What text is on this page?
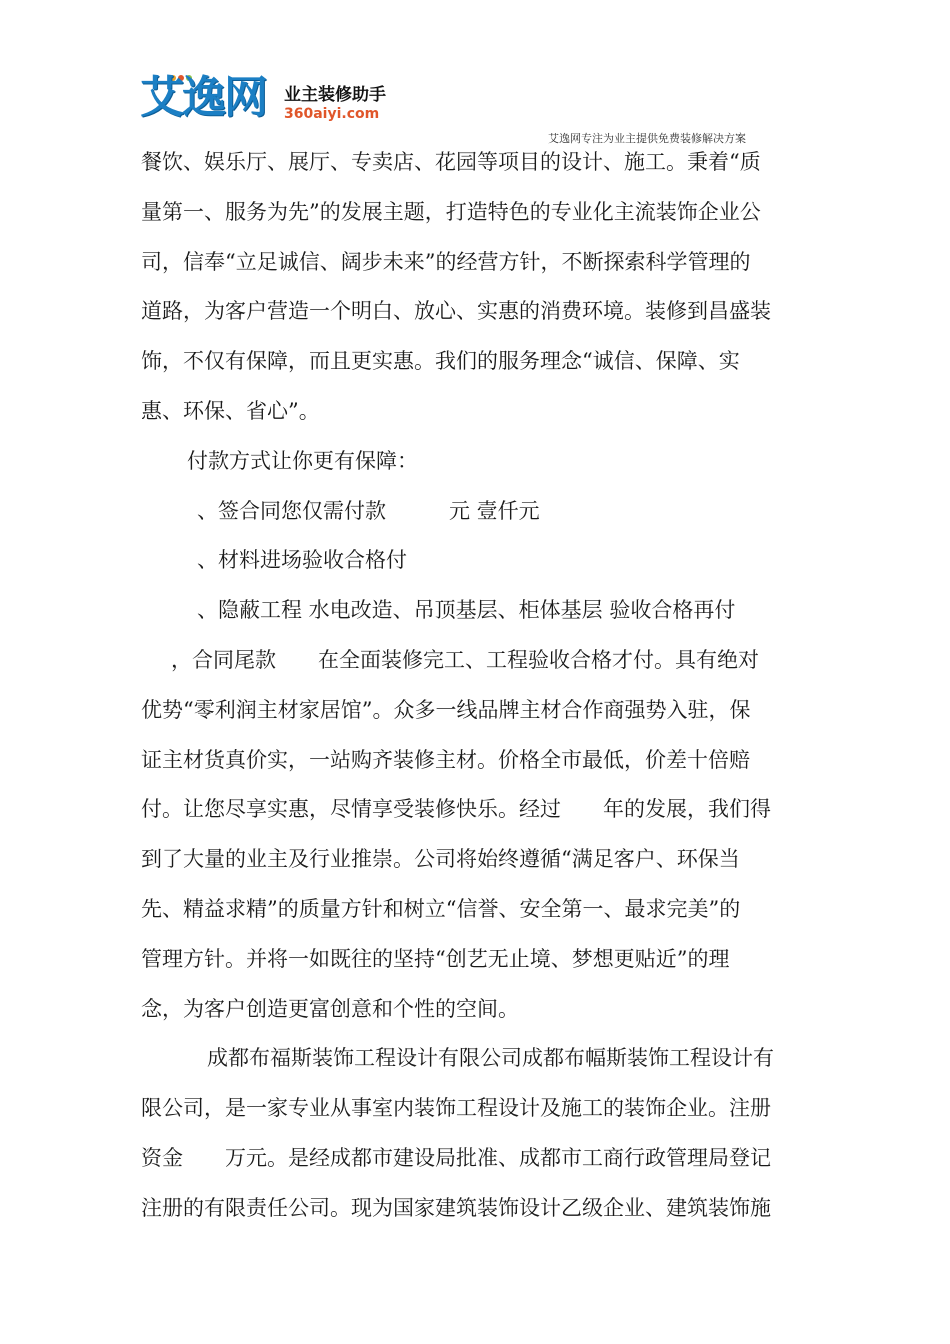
艾逸网 业主装修助手
360aiyi.com
艾逸网专注为业主提供免费装修解决方案

餐饮、娱乐厅、展厅、专卖店、花园等项目的设计、施工。秉着“质

量第一、服务为先”的发展主题，打造特色的专业化主流装饰企业公

司，信奉“立足诚信、阔步未来”的经营方针，不断探索科学管理的

道路，为客户营造一个明白、放心、实惠的消费环境。装修到昌盛装

饰，不仅有保障，而且更实惠。我们的服务理念“诚信、保障、实

惠、环保、省心”。

付款方式让你更有保障：

、签合同您仅需付款　　　元 壹仟元

、材料进场验收合格付

、隐蔽工程 水电改造、吊顶基层、柜体基层 验收合格再付

，合同尾款　　在全面装修完工、工程验收合格才付。具有绝对

优势“零利润主材家居馆”。众多一线品牌主材合作商强势入驻，保

证主材货真价实，一站购齐装修主材。价格全市最低，价差十倍赔

付。让您尽享实惠，尽情享受装修快乐。经过　　年的发展，我们得

到了大量的业主及行业推崇。公司将始终遵循“满足客户、环保当

先、精益求精”的质量方针和树立“信誉、安全第一、最求完美”的

管理方针。并将一如既往的坚持“创艺无止境、梦想更贴近”的理

念，为客户创造更富创意和个性的空间。

成都布福斯装饰工程设计有限公司成都布幅斯装饰工程设计有

限公司，是一家专业从事室内装饰工程设计及施工的装饰企业。注册

资金　　万元。是经成都市建设局批准、成都市工商行政管理局登记

注册的有限责任公司。现为国家建筑装饰设计乙级企业、建筑装饰施
